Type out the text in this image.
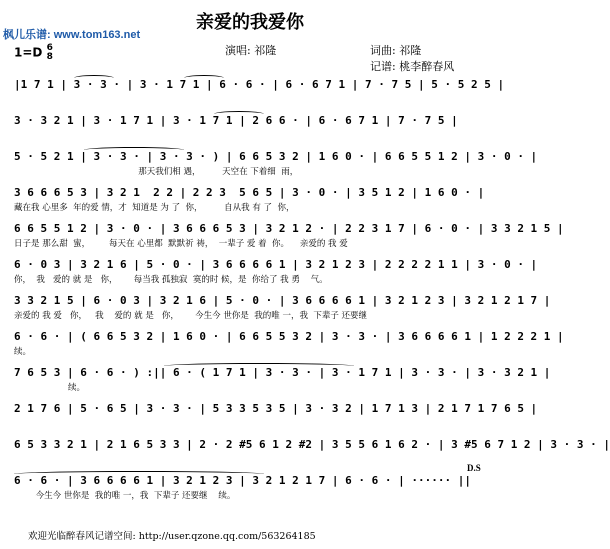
枫儿乐谱: www.tom163.net
亲爱的我爱你
1=D 6
8	演唱: 祁隆	词曲: 祁隆
记谱: 桃李醉春风
|1 7 1 | 3 · 3 · | 3 · 1 7 1 | 6 · 6 · | 6 · 6 7 1 | 7 · 7 5 | 5 · 5 2 5 |
3 · 3 2 1 | 3 · 1 7 1 | 3 · 1 7 1 | 2 6 6 · | 6 · 6 7 1 | 7 · 7 5 |
5 · 5 2 1 | 3 · 3 · | 3 · 3 · ) | 6 6 5 3 2 | 1 6 0 · | 6 6 5 5 1 2 | 3 · 0 · |
那天我们相 遇，        天空在 下着细  雨，
3 6 6 6 5 3 | 3 2 1  2 2 | 2 2 3  5 6 5 | 3 · 0 · | 3 5 1 2 | 1 6 0 · |
藏在我 心里多  年的爱 情，才  知道是 为 了  你，        自从我 有 了  你，
6 6 5 5 1 2 | 3 · 0 · | 3 6 6 6 5 3 | 3 2 1 2 · | 2 2 3 1 7 | 6 · 0 · | 3 3 2 1 5 |
日子是 那么甜  蜜，       每天在 心里都  默默祈 祷，  一辈子 爱 着  你。    亲爱的 我 爱
6 · 0 3 | 3 2 1 6 | 5 · 0 · | 3 6 6 6 6 1 | 3 2 1 2 3 | 2 2 2 2 1 1 | 3 · 0 · |
你，  我   爱的 就 是   你，      每当我 孤独寂  寞的时 候，是  你给了 我 勇    气。
3 3 2 1 5 | 6 · 0 3 | 3 2 1 6 | 5 · 0 · | 3 6 6 6 6 1 | 3 2 1 2 3 | 3 2 1 2 1 7 |
亲爱的 我 爱   你，   我    爱的 就 是   你，      今生今 世你是  我的唯 一，我  下辈子 还要继
6 · 6 · | ( 6 6 5 3 2 | 1 6 0 · | 6 6 5 5 3 2 | 3 · 3 · | 3 6 6 6 6 1 | 1 2 2 2 1 |
续。
7 6 5 3 | 6 · 6 · ) :|| 6 · ( 1 7 1 | 3 · 3 · | 3 · 1 7 1 | 3 · 3 · | 3 · 3 2 1 |
续。
2 1 7 6 | 5 · 6 5 | 3 · 3 · | 5 3 3 5 3 5 | 3 · 3 2 | 1 7 1 3 | 2 1 7 1 7 6 5 |
6 5 3 3 2 1 | 2 1 6 5 3 3 | 2 · 2 #5 6 1 2 #2 | 3 5 5 6 1 6 2 · | 3 #5 6 7 1 2 | 3 · 3 · |
6 · 6 · | 3 6 6 6 6 1 | 3 2 1 2 3 | 3 2 1 2 1 7 | 6 · 6 · | ······ ||
今生今 世你是  我的唯 一，我  下辈子 还要继    续。
D.S
欢迎光临醉春风记谱空间: http://user.qzone.qq.com/563264185
